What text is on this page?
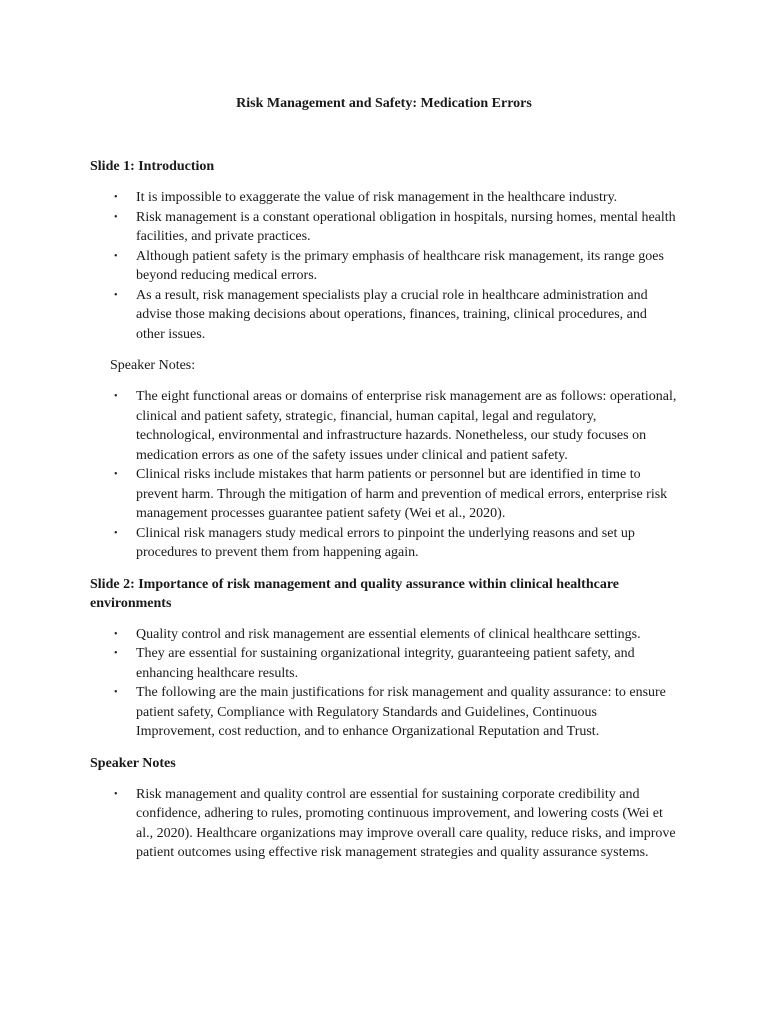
Risk Management and Safety: Medication Errors
Slide 1: Introduction
• It is impossible to exaggerate the value of risk management in the healthcare industry.
• Risk management is a constant operational obligation in hospitals, nursing homes, mental health facilities, and private practices.
• Although patient safety is the primary emphasis of healthcare risk management, its range goes beyond reducing medical errors.
• As a result, risk management specialists play a crucial role in healthcare administration and advise those making decisions about operations, finances, training, clinical procedures, and other issues.
Speaker Notes:
• The eight functional areas or domains of enterprise risk management are as follows: operational, clinical and patient safety, strategic, financial, human capital, legal and regulatory, technological, environmental and infrastructure hazards. Nonetheless, our study focuses on medication errors as one of the safety issues under clinical and patient safety.
• Clinical risks include mistakes that harm patients or personnel but are identified in time to prevent harm. Through the mitigation of harm and prevention of medical errors, enterprise risk management processes guarantee patient safety (Wei et al., 2020).
• Clinical risk managers study medical errors to pinpoint the underlying reasons and set up procedures to prevent them from happening again.
Slide 2: Importance of risk management and quality assurance within clinical healthcare environments
• Quality control and risk management are essential elements of clinical healthcare settings.
• They are essential for sustaining organizational integrity, guaranteeing patient safety, and enhancing healthcare results.
• The following are the main justifications for risk management and quality assurance: to ensure patient safety, Compliance with Regulatory Standards and Guidelines, Continuous Improvement, cost reduction, and to enhance Organizational Reputation and Trust.
Speaker Notes
• Risk management and quality control are essential for sustaining corporate credibility and confidence, adhering to rules, promoting continuous improvement, and lowering costs (Wei et al., 2020). Healthcare organizations may improve overall care quality, reduce risks, and improve patient outcomes using effective risk management strategies and quality assurance systems.
